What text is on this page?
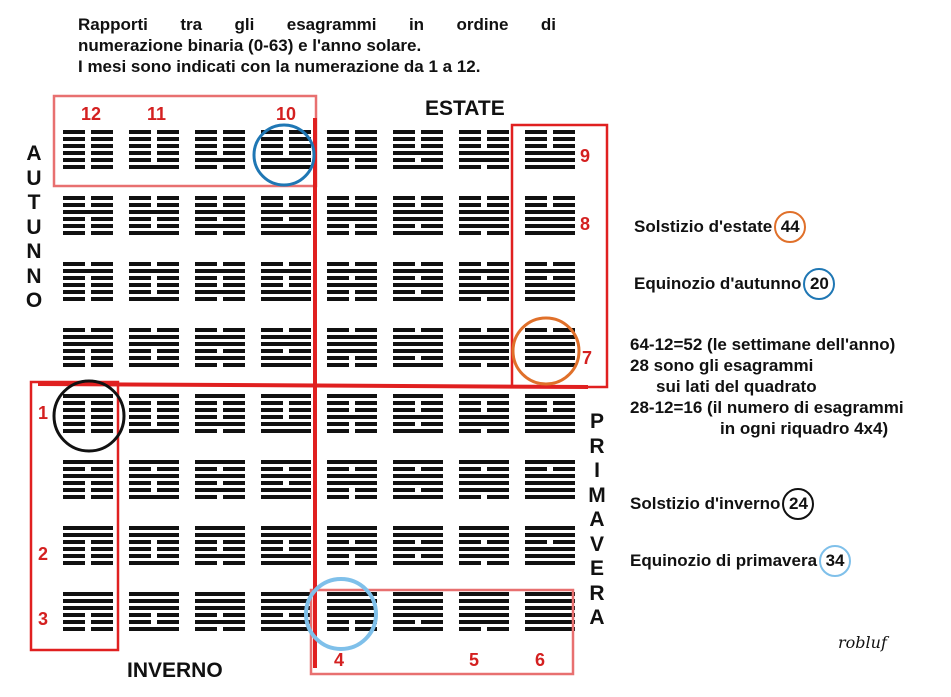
Rapporti tra gli esagrammi in ordine di
numerazione binaria (0-63) e l'anno solare.
I mesi sono indicati con la numerazione da 1 a 12.
ESTATE
INVERNO
A
U
T
U
N
N
O
P
R
I
M
A
V
E
R
A
12	11	10
9
8
7
1
2
3
4	5	6
Solstizio d'estate 44
Equinozio d'autunno 20
Solstizio d'inverno 24
Equinozio di primavera 34
64-12=52 (le settimane dell'anno)
28 sono gli esagrammi
sui lati del quadrato
28-12=16 (il numero di esagrammi
in ogni riquadro 4x4)
robluf
